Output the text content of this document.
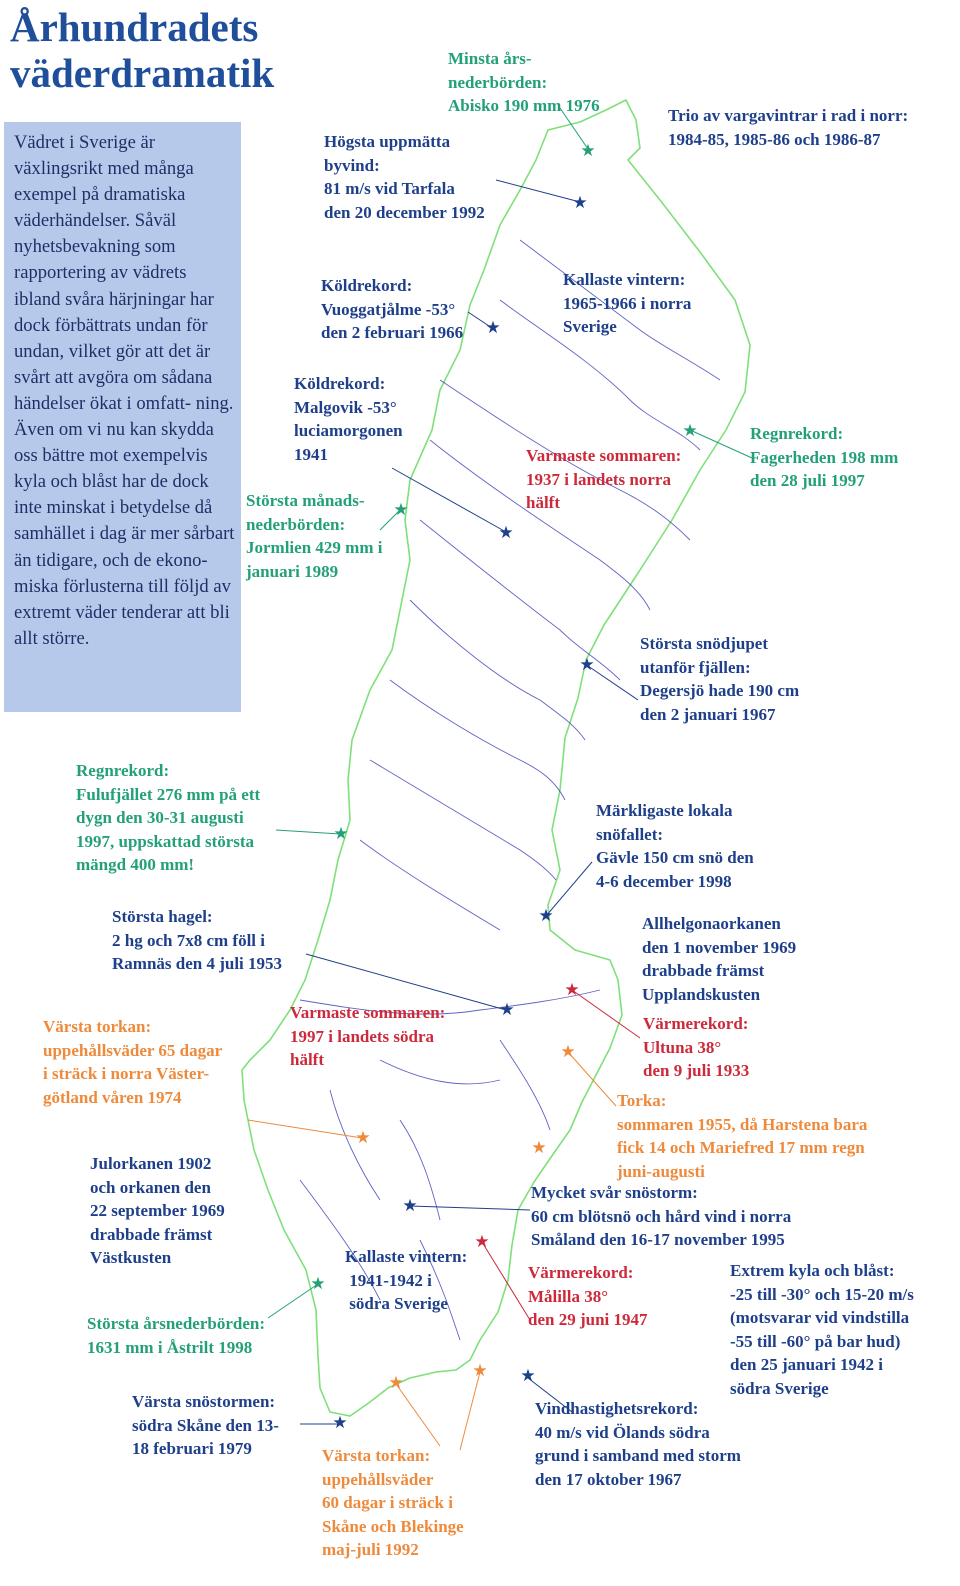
Århundradets
väderdramatik
Vädret i Sverige är växlingsrikt med många exempel på dramatiska väderhändelser. Såväl nyhetsbevakning som rapportering av vädrets ibland svåra härjningar har dock förbättrats undan för undan, vilket gör att det är svårt att avgöra om sådana händelser ökat i omfatt- ning. Även om vi nu kan skydda oss bättre mot exempelvis kyla och blåst har de dock inte minskat i betydelse då samhället i dag är mer sårbart än tidigare, och de ekono- miska förlusterna till följd av extremt väder tenderar att bli allt större.
Minsta års-
nederbörden:
Abisko 190 mm 1976
Trio av vargavintrar i rad i norr:
1984-85, 1985-86 och 1986-87
Högsta uppmätta
byvind:
81 m/s vid Tarfala
den 20 december 1992
Köldrekord:
Vuoggatjålme -53°
den 2 februari 1966
Kallaste vintern:
1965-1966 i norra
Sverige
Köldrekord:
Malgovik -53°
luciamorgonen
1941
Regnrekord:
Fagerheden 198 mm
den 28 juli 1997
Varmaste sommaren:
1937 i landets norra
hälft
Största månads-
nederbörden:
Jormlien 429 mm i
januari 1989
Största snödjupet
utanför fjällen:
Degersjö hade 190 cm
den 2 januari 1967
Regnrekord:
Fulufjället 276 mm på ett
dygn den 30-31 augusti
1997, uppskattad största
mängd 400 mm!
Märkligaste lokala
snöfallet:
Gävle 150 cm snö den
4-6 december 1998
Största hagel:
2 hg och 7x8 cm föll i
Ramnäs den 4 juli 1953
Allhelgonaorkanen
den 1 november 1969
drabbade främst
Upplandskusten
Värsta torkan:
uppehållsväder 65 dagar
i sträck i norra Väster-
götland våren 1974
Varmaste sommaren:
1997 i landets södra
hälft
Värmerekord:
Ultuna 38°
den 9 juli 1933
Torka:
sommaren 1955, då Harstena bara
fick 14 och Mariefred 17 mm regn
juni-augusti
Julorkanen 1902
och orkanen den
22 september 1969
drabbade främst
Västkusten
Mycket svår snöstorm:
60 cm blötsnö och hård vind i norra
Småland den 16-17 november 1995
Kallaste vintern:
1941-1942 i
södra Sverige
Värmerekord:
Målilla 38°
den 29 juni 1947
Extrem kyla och blåst:
-25 till -30° och 15-20 m/s
(motsvarar vid vindstilla
-55 till -60° på bar hud)
den 25 januari 1942 i
södra Sverige
Största årsnederbörden:
1631 mm i Åstrilt 1998
Värsta snöstormen:
södra Skåne den 13-
18 februari 1979
Vindhastighetsrekord:
40 m/s vid Ölands södra
grund i samband med storm
den 17 oktober 1967
Värsta torkan:
uppehållsväder
60 dagar i sträck i
Skåne och Blekinge
maj-juli 1992
★
★
★
★
★
★
★
★
★
★
★
★
★
★
★
★
★
★
★
★
★
